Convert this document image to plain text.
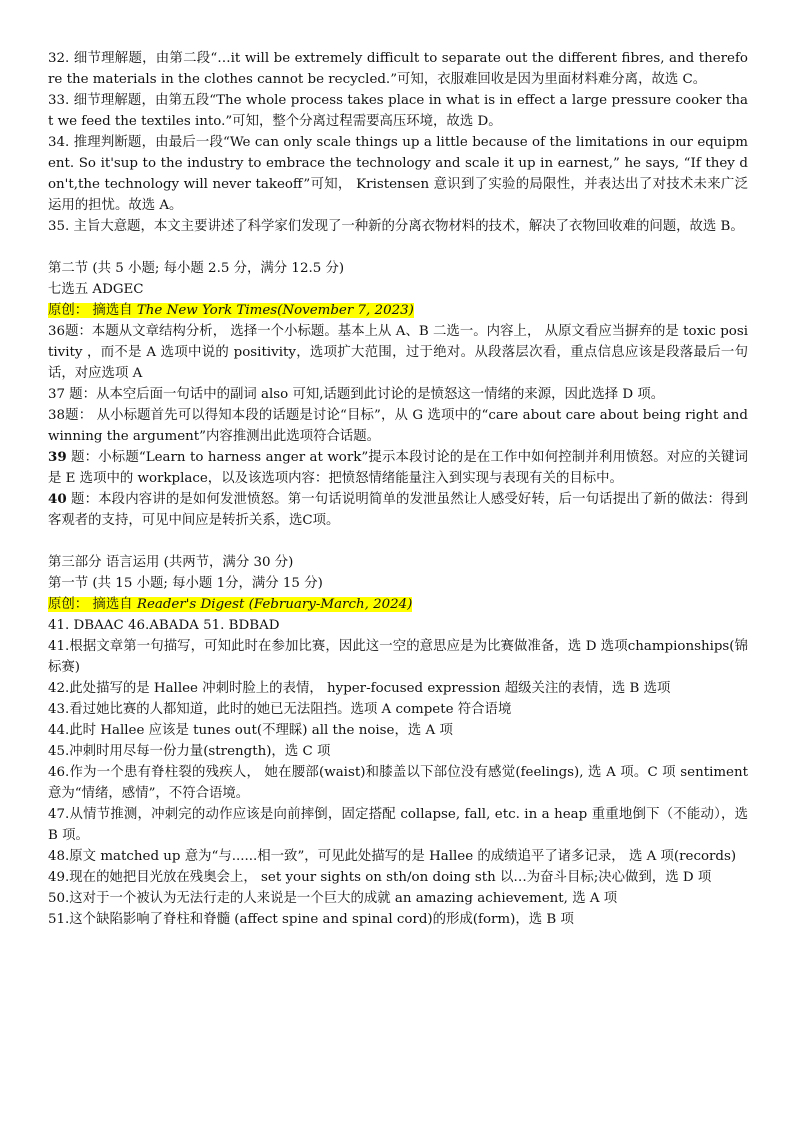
32. 细节理解题，由第二段“…it will be extremely difficult to separate out the different fibres, and therefore the materials in the clothes cannot be recycled.”可知，衣服难回收是因为里面材料难分离，故选 C。

33. 细节理解题，由第五段“The whole process takes place in what is in effect a large pressure cooker that we feed the textiles into.”可知，整个分离过程需要高压环境，故选 D。

34. 推理判断题，由最后一段“We can only scale things up a little because of the limitations in our equipment. So it'sup to the industry to embrace the technology and scale it up in earnest,” he says, “If they don't,the technology will never takeoff”可知， Kristensen 意识到了实验的局限性，并表达出了对技术未来广泛运用的担忧。故选 A。

35. 主旨大意题，本文主要讲述了科学家们发现了一种新的分离衣物材料的技术，解决了衣物回收难的问题，故选 B。

第二节 (共 5 小题; 每小题 2.5 分，满分 12.5 分)

七选五 ADGEC

原创： 摘选自 The New York Times(November 7, 2023)

36题：本题从文章结构分析， 选择一个小标题。基本上从 A、B 二选一。内容上， 从原文看应当摒弃的是 toxic positivity ，而不是 A 选项中说的 positivity，选项扩大范围，过于绝对。从段落层次看，重点信息应该是段落最后一句话，对应选项 A

37 题：从本空后面一句话中的副词 also 可知,话题到此讨论的是愤怒这一情绪的来源，因此选择 D 项。

38题： 从小标题首先可以得知本段的话题是讨论“目标”，从 G 选项中的“care about care about being right and winning the argument”内容推测出此选项符合话题。

39 题：小标题“Learn to harness anger at work”提示本段讨论的是在工作中如何控制并利用愤怒。对应的关键词是 E 选项中的 workplace，以及该选项内容：把愤怒情绪能量注入到实现与表现有关的目标中。

40 题：本段内容讲的是如何发泄愤怒。第一句话说明简单的发泄虽然让人感受好转，后一句话提出了新的做法：得到客观者的支持，可见中间应是转折关系，选C项。

第三部分 语言运用 (共两节，满分 30 分)

第一节 (共 15 小题; 每小题 1分，满分 15 分)

原创： 摘选自 Reader's Digest (February-March, 2024)

41. DBAAC 46.ABADA 51. BDBAD

41.根据文章第一句描写，可知此时在参加比赛，因此这一空的意思应是为比赛做准备，选 D 选项championships(锦标赛)

42.此处描写的是 Hallee 冲刺时脸上的表情， hyper-focused expression 超级关注的表情，选 B 选项

43.看过她比赛的人都知道，此时的她已无法阻挡。选项 A compete 符合语境

44.此时 Hallee 应该是 tunes out(不理睬) all the noise，选 A 项

45.冲刺时用尽每一份力量(strength)，选 C 项

46.作为一个患有脊柱裂的残疾人， 她在腰部(waist)和膝盖以下部位没有感觉(feelings), 选 A 项。C 项 sentiment 意为“情绪，感情”，不符合语境。

47.从情节推测，冲刺完的动作应该是向前摔倒，固定搭配 collapse, fall, etc. in a heap 重重地倒下（不能动），选 B 项。

48.原文 matched up 意为“与......相一致”，可见此处描写的是 Hallee 的成绩追平了诸多记录， 选 A 项(records)

49.现在的她把目光放在残奥会上， set your sights on sth/on doing sth 以…为奋斗目标;决心做到，选 D 项

50.这对于一个被认为无法行走的人来说是一个巨大的成就 an amazing achievement, 选 A 项

51.这个缺陷影响了脊柱和脊髓 (affect spine and spinal cord)的形成(form)，选 B 项
